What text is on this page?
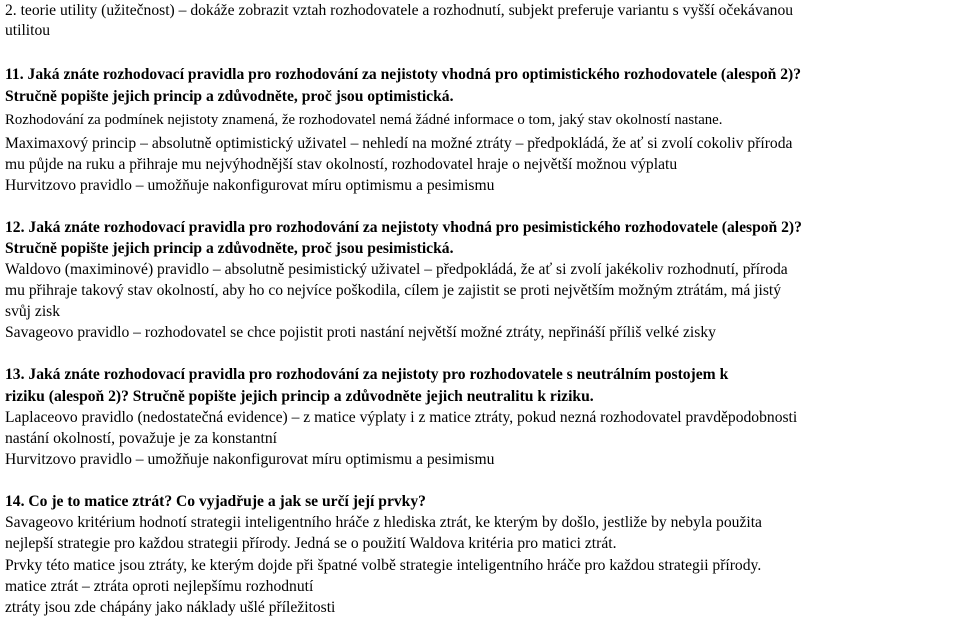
2. teorie utility (užitečnost) – dokáže zobrazit vztah rozhodovatele a rozhodnutí, subjekt preferuje variantu s vyšší očekávanou
utilitou
11. Jaká znáte rozhodovací pravidla pro rozhodování za nejistoty vhodná pro optimistického rozhodovatele (alespoň 2)?
Stručně popište jejich princip a zdůvodněte, proč jsou optimistická.
Rozhodování za podmínek nejistoty znamená, že rozhodovatel nemá žádné informace o tom, jaký stav okolností nastane.
Maximaxový princip – absolutně optimistický uživatel – nehledí na možné ztráty – předpokládá, že ať si zvolí cokoliv příroda
mu půjde na ruku a přihraje mu nejvýhodnější stav okolností, rozhodovatel hraje o největší možnou výplatu
Hurvitzovo pravidlo – umožňuje nakonfigurovat míru optimismu a pesimismu
12. Jaká znáte rozhodovací pravidla pro rozhodování za nejistoty vhodná pro pesimistického rozhodovatele (alespoň 2)?
Stručně popište jejich princip a zdůvodněte, proč jsou pesimistická.
Waldovo (maximinové) pravidlo – absolutně pesimistický uživatel – předpokládá, že ať si zvolí jakékoliv rozhodnutí, příroda
mu přihraje takový stav okolností, aby ho co nejvíce poškodila, cílem je zajistit se proti největším možným ztrátám, má jistý
svůj zisk
Savageovo pravidlo – rozhodovatel se chce pojistit proti nastání největší možné ztráty, nepřináší příliš velké zisky
13. Jaká znáte rozhodovací pravidla pro rozhodování za nejistoty pro rozhodovatele s neutrálním postojem k
riziku (alespoň 2)? Stručně popište jejich princip a zdůvodněte jejich neutralitu k riziku.
Laplaceovo pravidlo (nedostatečná evidence) – z matice výplaty i z matice ztráty, pokud nezná rozhodovatel pravděpodobnosti
nastání okolností, považuje je za konstantní
Hurvitzovo pravidlo – umožňuje nakonfigurovat míru optimismu a pesimismu
14. Co je to matice ztrát? Co vyjadřuje a jak se určí její prvky?
Savageovo kritérium hodnotí strategii inteligentního hráče z hlediska ztrát, ke kterým by došlo, jestliže by nebyla použita
nejlepší strategie pro každou strategii přírody. Jedná se o použití Waldova kritéria pro matici ztrát.
Prvky této matice jsou ztráty, ke kterým dojde při špatné volbě strategie inteligentního hráče pro každou strategii přírody.
matice ztrát – ztráta oproti nejlepšímu rozhodnutí
ztráty jsou zde chápány jako náklady ušlé příležitosti
